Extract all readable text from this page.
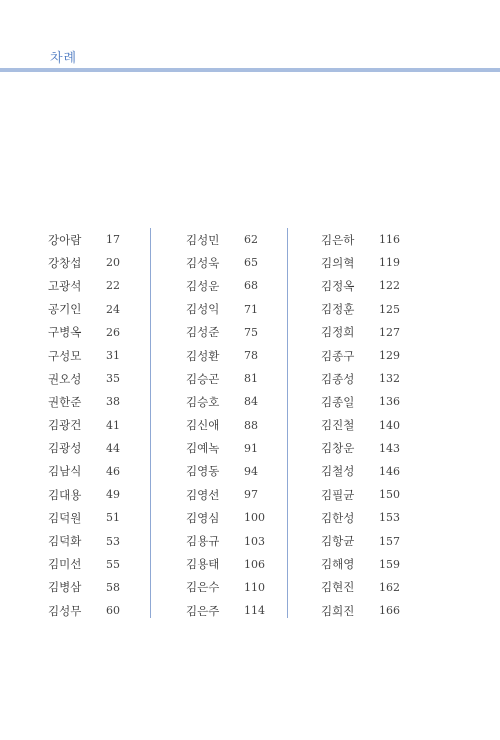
차례
강아람	17
강창섭	20
고광석	22
공기인	24
구병옥	26
구성모	31
권오성	35
권한준	38
김광건	41
김광성	44
김남식	46
김대용	49
김덕원	51
김덕화	53
김미선	55
김병삼	58
김성무	60
김성민	62
김성욱	65
김성운	68
김성익	71
김성준	75
김성환	78
김승곤	81
김승호	84
김신애	88
김예녹	91
김영동	94
김영선	97
김영심	100
김용규	103
김용태	106
김은수	110
김은주	114
김은하	116
김의혁	119
김정옥	122
김정훈	125
김정희	127
김종구	129
김종성	132
김종일	136
김진철	140
김창운	143
김철성	146
김필균	150
김한성	153
김항균	157
김해영	159
김현진	162
김희진	166
